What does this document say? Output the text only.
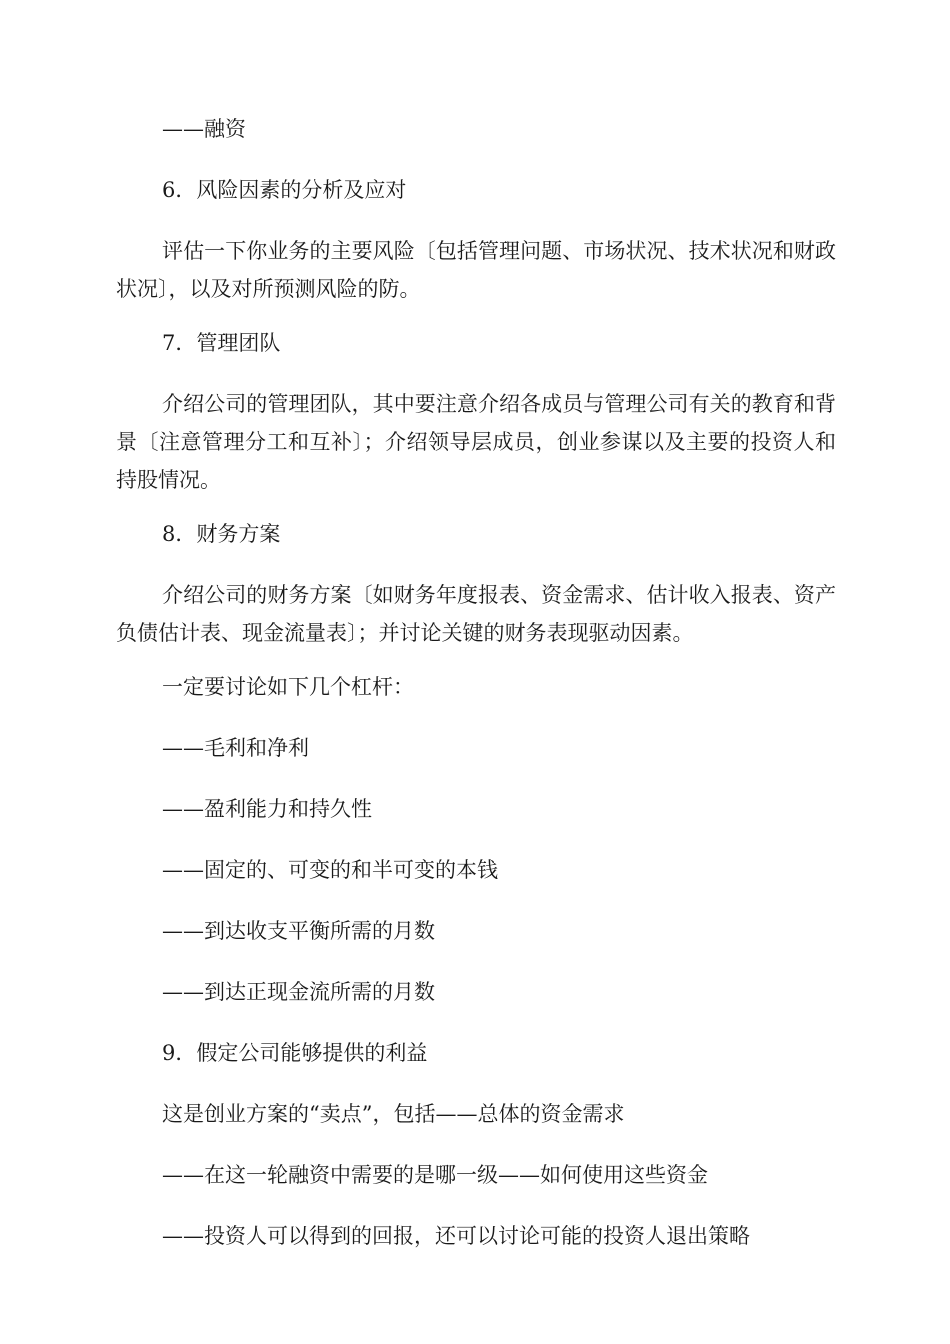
——融资

6．风险因素的分析及应对

评估一下你业务的主要风险〔包括管理问题、市场状况、技术状况和财政状况〕，以及对所预测风险的防。

7．管理团队

介绍公司的管理团队，其中要注意介绍各成员与管理公司有关的教育和背景〔注意管理分工和互补〕；介绍领导层成员，创业参谋以及主要的投资人和持股情况。

8．财务方案

介绍公司的财务方案〔如财务年度报表、资金需求、估计收入报表、资产负债估计表、现金流量表〕；并讨论关键的财务表现驱动因素。

一定要讨论如下几个杠杆：

——毛利和净利

——盈利能力和持久性

——固定的、可变的和半可变的本钱

——到达收支平衡所需的月数

——到达正现金流所需的月数

9．假定公司能够提供的利益

这是创业方案的“卖点”，包括——总体的资金需求

——在这一轮融资中需要的是哪一级——如何使用这些资金

——投资人可以得到的回报，还可以讨论可能的投资人退出策略
